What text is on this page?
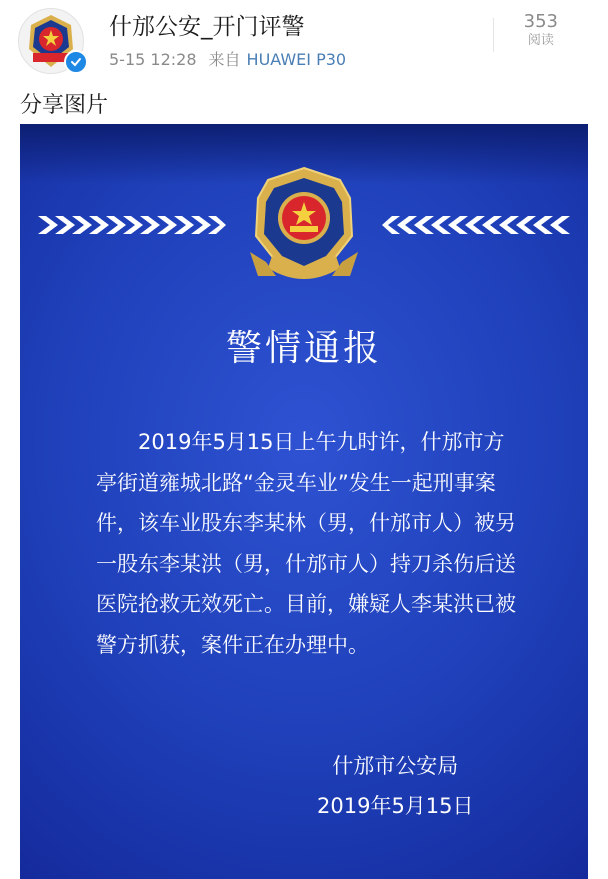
什邡公安_开门评警
5-15 12:28 来自 HUAWEI P30
353
阅读
分享图片
警情通报

2019年5月15日上午九时许，什邡市方亭街道雍城北路“金灵车业”发生一起刑事案件，该车业股东李某林（男，什邡市人）被另一股东李某洪（男，什邡市人）持刀杀伤后送医院抢救无效死亡。目前，嫌疑人李某洪已被警方抓获，案件正在办理中。

什邡市公安局
2019年5月15日
